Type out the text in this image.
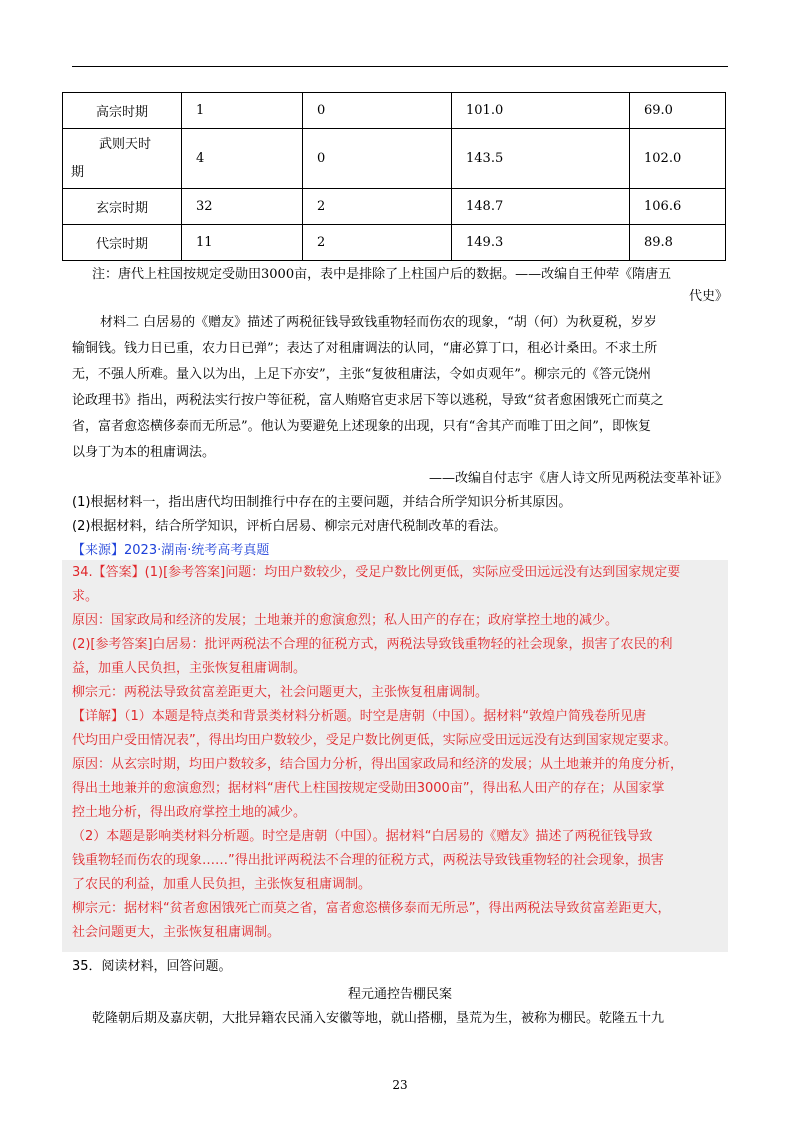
高宗时期	1	0	101.0	69.0

武则天时
期	4	0	143.5	102.0
玄宗时期	32	2	148.7	106.6
代宗时期	11	2	149.3	89.8
注：唐代上柱国按规定受勋田3000亩，表中是排除了上柱国户后的数据。——改编自王仲荦《隋唐五
代史》
材料二 白居易的《赠友》描述了两税征钱导致钱重物轻而伤农的现象，“胡（何）为秋夏税，岁岁
输铜钱。钱力日已重，农力日已弹”；表达了对租庸调法的认同，“庸必算丁口，租必计桑田。不求土所
无，不强人所难。量入以为出，上足下亦安”，主张“复彼租庸法，令如贞观年”。柳宗元的《答元饶州
论政理书》指出，两税法实行按户等征税，富人贿赂官吏求居下等以逃税，导致“贫者愈困饿死亡而莫之
省，富者愈恣横侈泰而无所忌”。他认为要避免上述现象的出现，只有“舍其产而唯丁田之间”，即恢复
以身丁为本的租庸调法。
——改编自付志宇《唐人诗文所见两税法变革补证》
(1)根据材料一，指出唐代均田制推行中存在的主要问题，并结合所学知识分析其原因。
(2)根据材料，结合所学知识，评析白居易、柳宗元对唐代税制改革的看法。
【来源】2023·湖南·统考高考真题
34.【答案】(1)[参考答案]问题：均田户数较少，受足户数比例更低，实际应受田远远没有达到国家规定要
求。
原因：国家政局和经济的发展；土地兼并的愈演愈烈；私人田产的存在；政府掌控土地的减少。
(2)[参考答案]白居易：批评两税法不合理的征税方式，两税法导致钱重物轻的社会现象，损害了农民的利
益，加重人民负担，主张恢复租庸调制。
柳宗元：两税法导致贫富差距更大，社会问题更大，主张恢复租庸调制。
【详解】（1）本题是特点类和背景类材料分析题。时空是唐朝（中国）。据材料“敦煌户简残卷所见唐
代均田户受田情况表”，得出均田户数较少，受足户数比例更低，实际应受田远远没有达到国家规定要求。
原因：从玄宗时期，均田户数较多，结合国力分析，得出国家政局和经济的发展；从土地兼并的角度分析，
得出土地兼并的愈演愈烈；据材料“唐代上柱国按规定受勋田3000亩”，得出私人田产的存在；从国家掌
控土地分析，得出政府掌控土地的减少。
（2）本题是影响类材料分析题。时空是唐朝（中国）。据材料“白居易的《赠友》描述了两税征钱导致
钱重物轻而伤农的现象……”得出批评两税法不合理的征税方式，两税法导致钱重物轻的社会现象，损害
了农民的利益，加重人民负担，主张恢复租庸调制。
柳宗元：据材料“贫者愈困饿死亡而莫之省，富者愈恣横侈泰而无所忌”，得出两税法导致贫富差距更大，
社会问题更大，主张恢复租庸调制。
35．阅读材料，回答问题。
程元通控告棚民案
乾隆朝后期及嘉庆朝，大批异籍农民涌入安徽等地，就山搭棚，垦荒为生，被称为棚民。乾隆五十九
23
